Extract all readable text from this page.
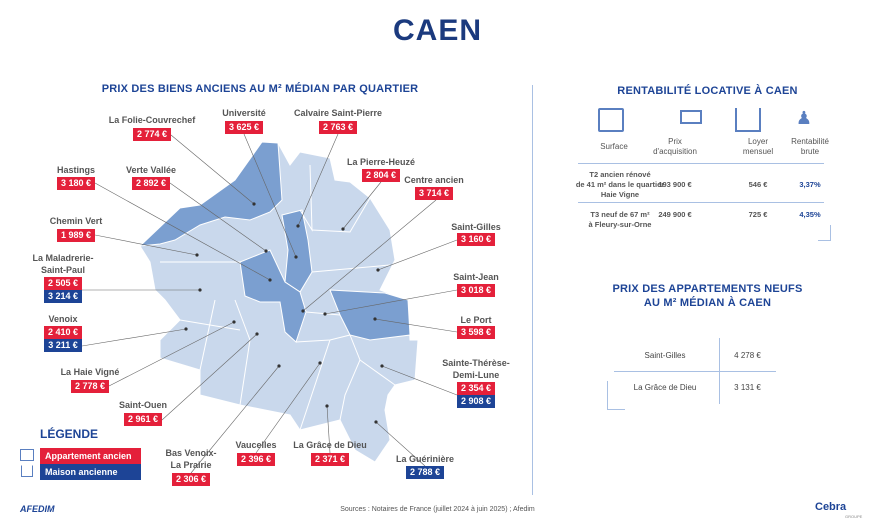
CAEN
PRIX DES BIENS ANCIENS AU M² MÉDIAN PAR QUARTIER
La Folie-Couvrechef
2 774 €
Université
3 625 €
Calvaire Saint-Pierre
2 763 €
La Pierre-Heuzé
2 804 € Centre ancien
3 714 €
Saint-Gilles
3 160 €
Saint-Jean
3 018 €
Le Port
3 598 €
Sainte-Thérèse-
Demi-Lune
2 354 €
2 908 €
La Guérinière
2 788 €
La Grâce de Dieu
2 371 €
Vaucelles
2 396 €
Bas Venoix-
La Prairie
2 306 €
Saint-Ouen
2 961 €
La Haie Vigné
2 778 €
Venoix
2 410 €
3 211 €
La Maladrerie-
Saint-Paul
2 505 €
3 214 €
Chemin Vert
1 989 €
Hastings
3 180 €
Verte Vallée
2 892 €
LÉGENDE
Appartement ancien
Maison ancienne
RENTABILITÉ LOCATIVE À CAEN
♟
Surface
Prix
d'acquisition
Loyer
mensuel
Rentabilité
brute
T2 ancien rénové
de 41 m² dans le quartier
Haie Vigne
193 900 €	546 €	3,37%
T3 neuf de 67 m²
à Fleury-sur-Orne
249 900 €	725 €	4,35%
PRIX DES APPARTEMENTS NEUFS
AU M² MÉDIAN À CAEN
Saint-Gilles	4 278 €
La Grâce de Dieu	3 131 €
AFEDIM	Sources : Notaires de France (juillet 2024 à juin 2025) ; Afedim	Cebra
GROUPE
